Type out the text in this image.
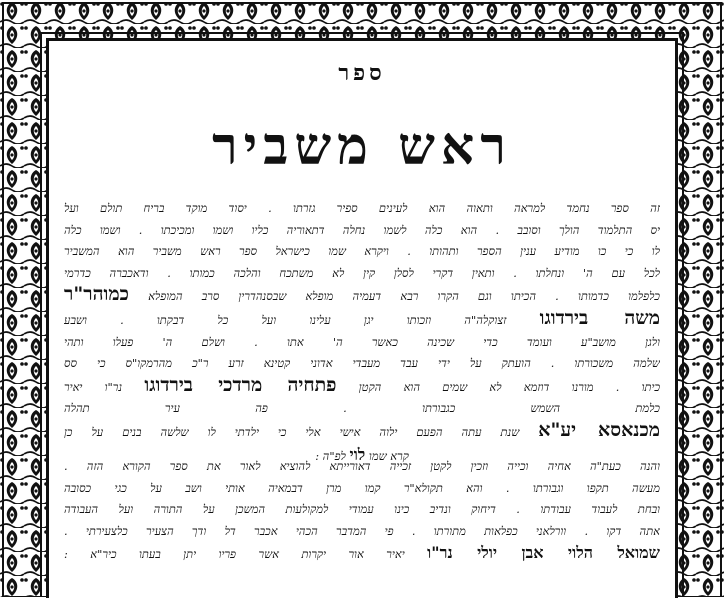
ספר
ראש משביר
זה ספר נחמד למראה ותאוה הוא לעינים ספיר גזרתו . יסוד מוקד בריח תולם ועל
יס התלמוד הולך וסובב . הוא כלה לשמו נחלה דתאוריה כליו ושמו ומכיכתו . ושמו כלה
לו כי כו מודיע ענין הספר ותהותו . ויקרא שמו כישראל ספר ראש משביר הוא המשביר
לכל עם ה' ונחלתו . ותאין דקרי לסלן קין לא משתכח והלכה כמותו . ודאכברה כדרמי
כלפלמו כדמותו . הכיתו וגם הקרו רבא דעמיה מופלא שבסנהדרין סרב המופלא כמוהר"ר
משה בירדוגו זצוקלה"ה וזכותו יגן עלינו ועל כל דבקתו . ושבע
ולגן מושב"ע ועומד כדי שכינה כאשר ה' אתו . ושלם ה' פעלו ותהי
שלמה משכורתו . הועתק על ידי עבד מעבדי אדוני קטינא זרע ר"כ מהרמקו"ס כי סס
כיתו . מורנו דוזמא לא שמים הוא הקטן פתחיה מרדכי בירדוגו נר"ו יאיר
כלמת השמש כגבורתו . פה עיר תהלה
מכנאסא יע"א שנת עתה הפעם ילוה אישי אלי כי ילדתי לו שלשה בנים על כן
קרא שמו לוי לפ"ה :
והנה כעת"ה אחיה וכייה וזכין לקטן זכייה דאורייתא להוציא לאור את ספר הקורא הזה .
מעשה תקפו וגבורתו . והא תקולא"ר קמו מרן דבמאיה אותי ושב על כגי כסובה
ובחת לעבוד עבודתו . דיחוק ונדיב כינו עמודי למקולעות המשכן על התורה ועל העבודה
אתה דקו . וורלאני כפלאות מתורתו . פי המדבר הכהי אכבר דל ודך הצעיר כלצעירתי .
שמואל הלוי אבן יולי נר"ו יאיר אור יקרות אשר פריו יתן בעתו כיר"א :
